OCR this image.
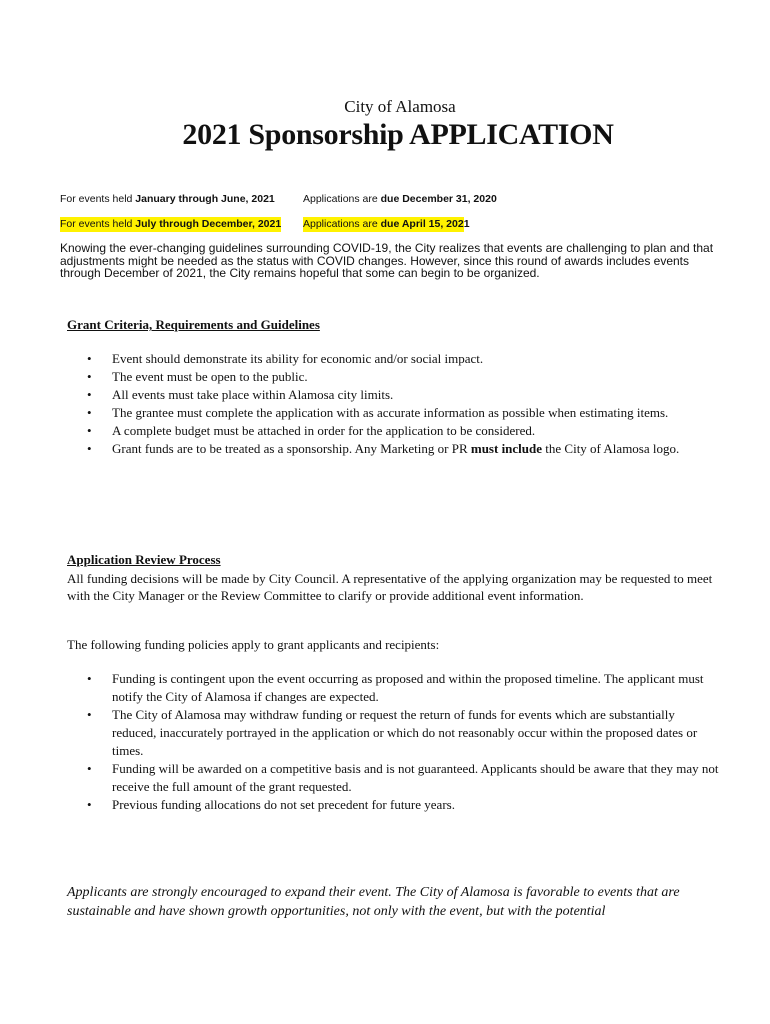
City of Alamosa
2021 Sponsorship APPLICATION
For events held January through June, 2021	Applications are due December 31, 2020
For events held July through December, 2021 Applications are due April 15, 2021
Knowing the ever-changing guidelines surrounding COVID-19, the City realizes that events are challenging to plan and that adjustments might be needed as the status with COVID changes. However, since this round of awards includes events through December of 2021, the City remains hopeful that some can begin to be organized.
Grant Criteria, Requirements and Guidelines
• Event should demonstrate its ability for economic and/or social impact.
• The event must be open to the public.
• All events must take place within Alamosa city limits.
• The grantee must complete the application with as accurate information as possible when estimating items.
• A complete budget must be attached in order for the application to be considered.
• Grant funds are to be treated as a sponsorship. Any Marketing or PR must include the City of Alamosa logo.
Application Review Process
All funding decisions will be made by City Council. A representative of the applying organization may be requested to meet with the City Manager or the Review Committee to clarify or provide additional event information.
The following funding policies apply to grant applicants and recipients:
• Funding is contingent upon the event occurring as proposed and within the proposed timeline. The applicant must notify the City of Alamosa if changes are expected.
• The City of Alamosa may withdraw funding or request the return of funds for events which are substantially reduced, inaccurately portrayed in the application or which do not reasonably occur within the proposed dates or times.
• Funding will be awarded on a competitive basis and is not guaranteed. Applicants should be aware that they may not receive the full amount of the grant requested.
• Previous funding allocations do not set precedent for future years.
Applicants are strongly encouraged to expand their event. The City of Alamosa is favorable to events that are sustainable and have shown growth opportunities, not only with the event, but with the potential
